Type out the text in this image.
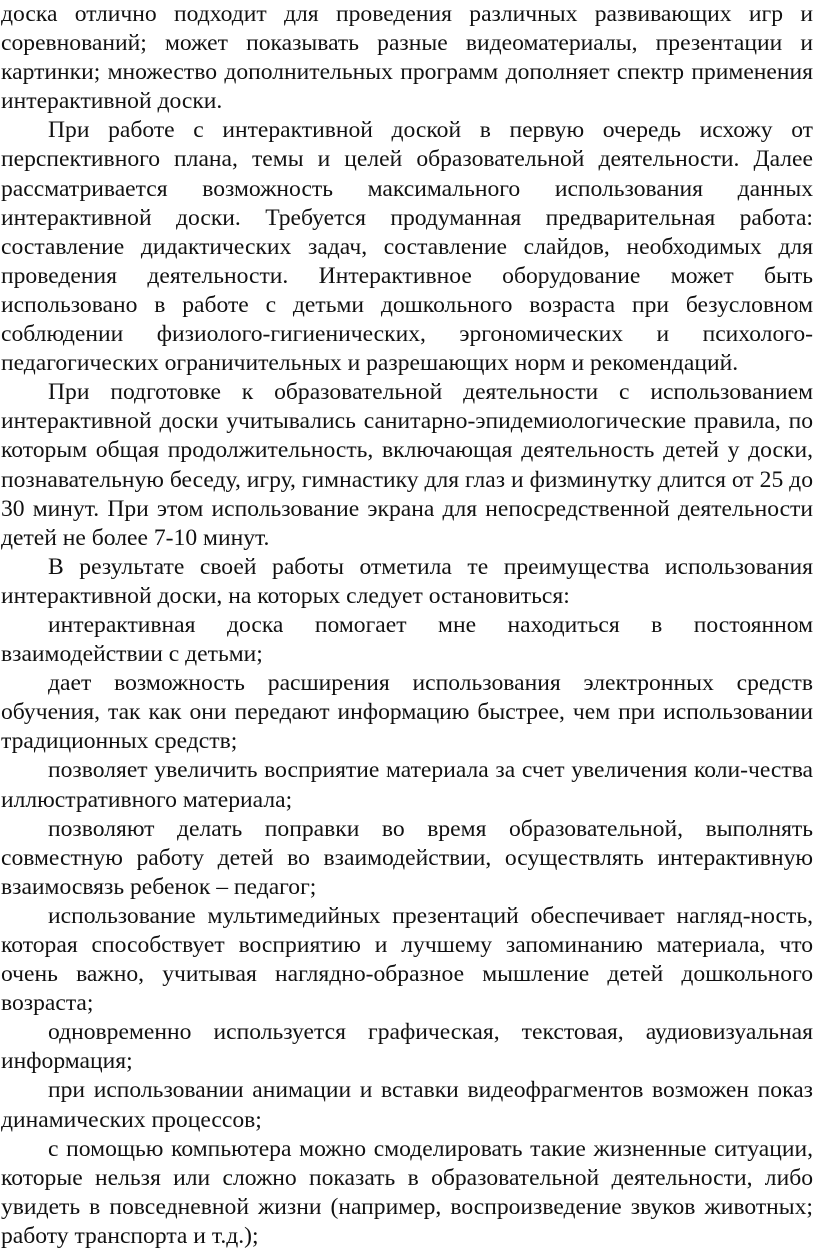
доска отлично подходит для проведения различных развивающих игр и соревнований; может показывать разные видеоматериалы, презентации и картинки; множество дополнительных программ дополняет спектр применения интерактивной доски.

При работе с интерактивной доской в первую очередь исхожу от перспективного плана, темы и целей образовательной деятельности. Далее рассматривается возможность максимального использования данных интерактивной доски. Требуется продуманная предварительная работа: составление дидактических задач, составление слайдов, необходимых для проведения деятельности. Интерактивное оборудование может быть использовано в работе с детьми дошкольного возраста при безусловном соблюдении физиолого-гигиенических, эргономических и психолого-педагогических ограничительных и разрешающих норм и рекомендаций.

При подготовке к образовательной деятельности с использованием интерактивной доски учитывались санитарно-эпидемиологические правила, по которым общая продолжительность, включающая деятельность детей у доски, познавательную беседу, игру, гимнастику для глаз и физминутку длится от 25 до 30 минут. При этом использование экрана для непосредственной деятельности детей не более 7-10 минут.

В результате своей работы отметила те преимущества использования интерактивной доски, на которых следует остановиться:

интерактивная доска помогает мне находиться в постоянном взаимодействии с детьми;

дает возможность расширения использования электронных средств обучения, так как они передают информацию быстрее, чем при использовании традиционных средств;

позволяет увеличить восприятие материала за счет увеличения коли-чества иллюстративного материала;

позволяют делать поправки во время образовательной, выполнять совместную работу детей во взаимодействии, осуществлять интерактивную взаимосвязь ребенок – педагог;

использование мультимедийных презентаций обеспечивает нагляд-ность, которая способствует восприятию и лучшему запоминанию материала, что очень важно, учитывая наглядно-образное мышление детей дошкольного возраста;

одновременно используется графическая, текстовая, аудиовизуальная информация;

при использовании анимации и вставки видеофрагментов возможен показ динамических процессов;

с помощью компьютера можно смоделировать такие жизненные ситуации, которые нельзя или сложно показать в образовательной деятельности, либо увидеть в повседневной жизни (например, воспроизведение звуков животных; работу транспорта и т.д.);
